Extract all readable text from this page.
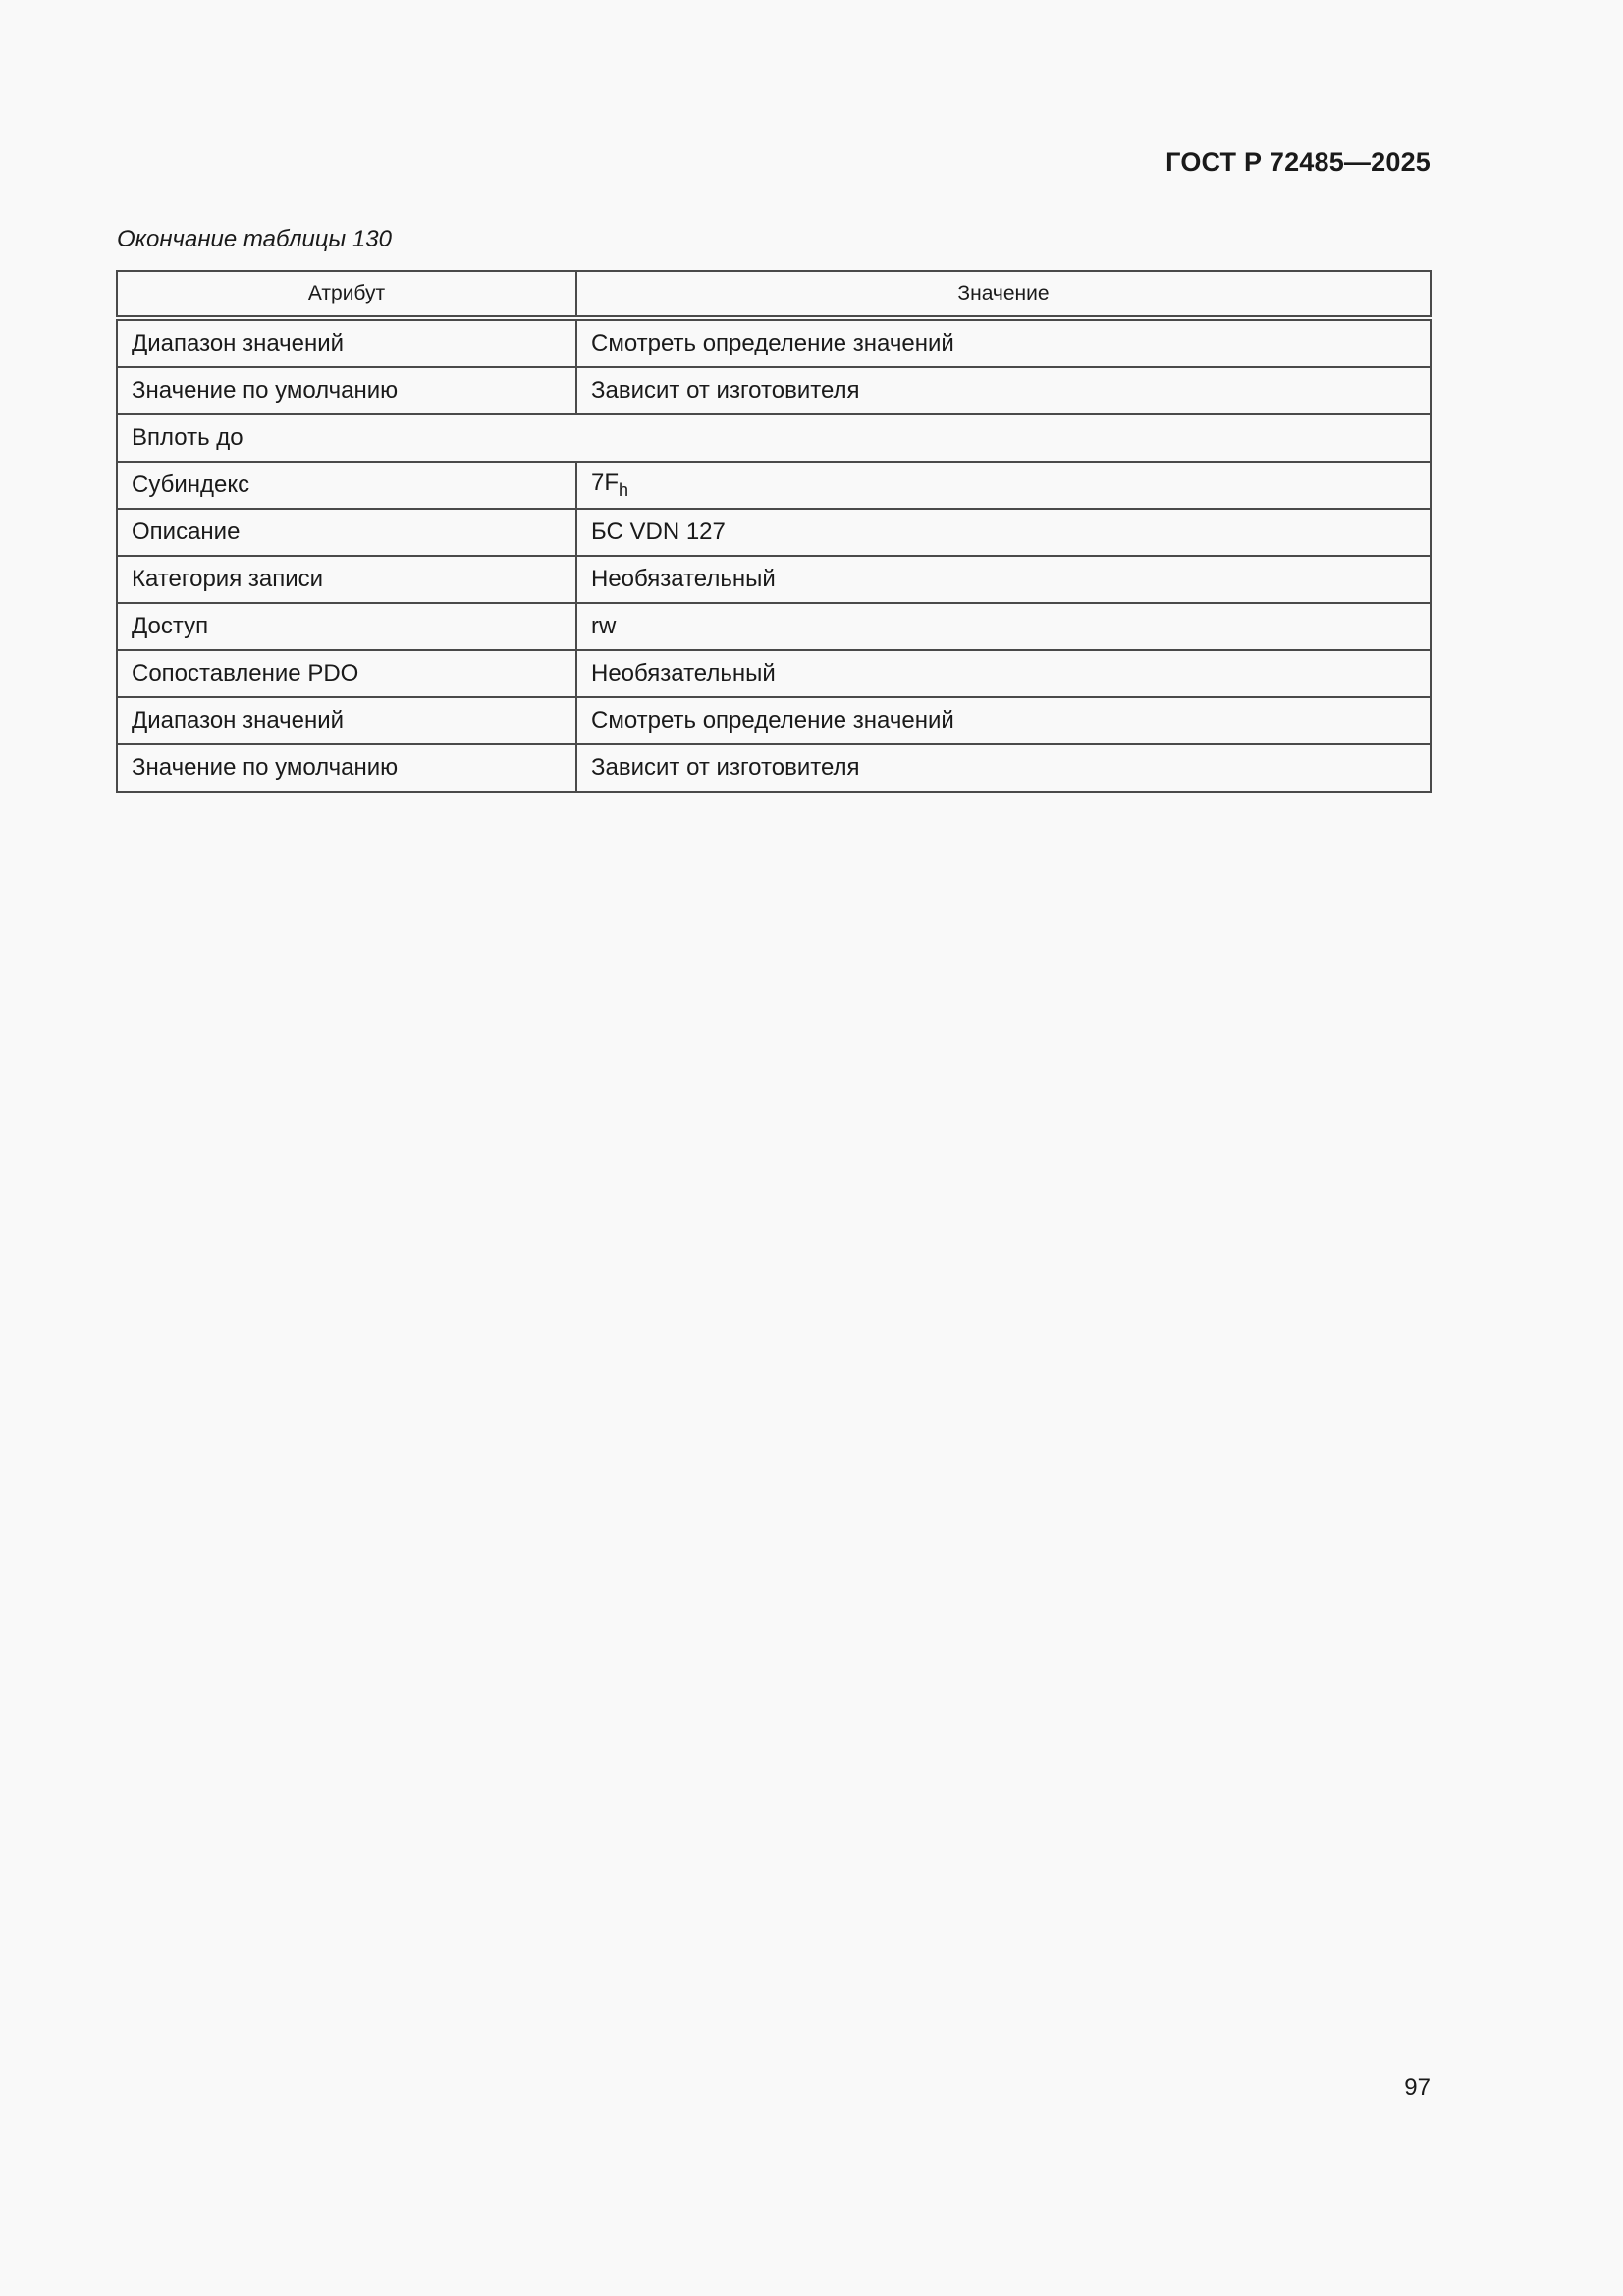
ГОСТ Р 72485—2025
Окончание таблицы 130
Атрибут	Значение
Диапазон значений	Смотреть определение значений
Значение по умолчанию	Зависит от изготовителя
Вплоть до	
Субиндекс	$7F_h$
Описание	БС VDN 127
Категория записи	Необязательный
Доступ	rw
Сопоставление PDO	Необязательный
Диапазон значений	Смотреть определение значений
Значение по умолчанию	Зависит от изготовителя
97
